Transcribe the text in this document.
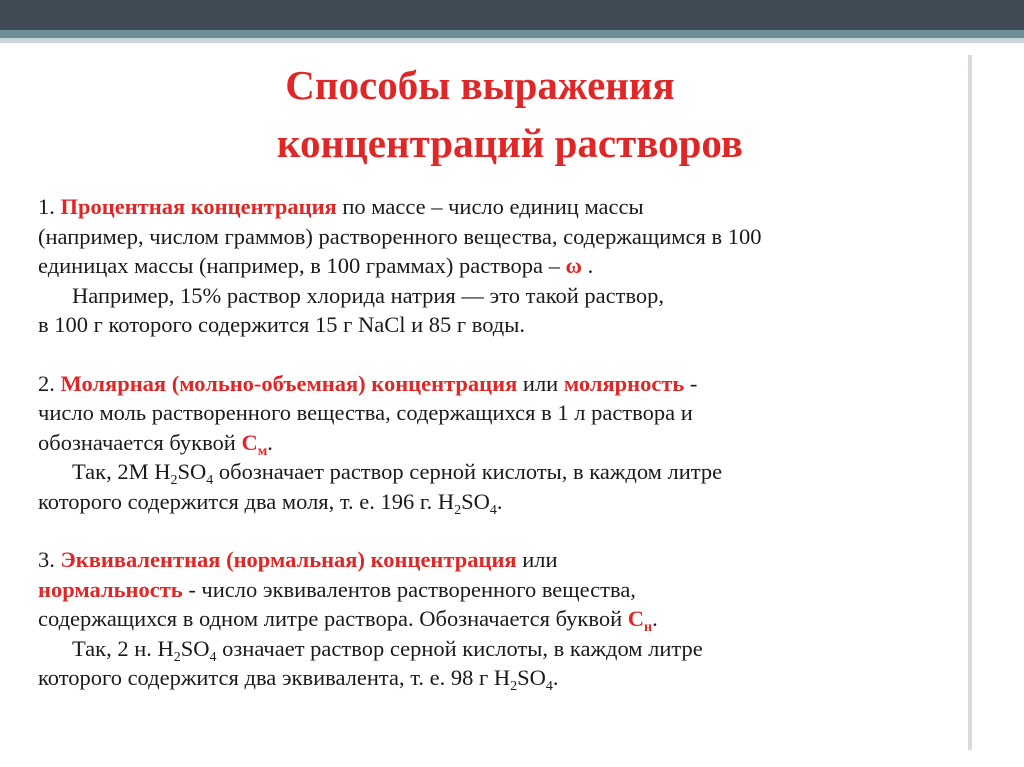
Способы выражения
концентраций растворов

1. Процентная концентрация по массе – число единиц массы
(например, числом граммов) растворенного вещества, содержащимся в 100
единицах массы (например, в 100 граммах) раствора – ω .
Например, 15% раствор хлорида натрия — это такой раствор,
в 100 г которого содержится 15 г NaCl и 85 г воды.

2. Молярная (мольно-объемная) концентрация или молярность -
число моль растворенного вещества, содержащихся в 1 л раствора и
обозначается буквой $С_м$.
Так, 2М $Н_2SO_4$ обозначает раствор серной кислоты, в каждом литре
которого содержится два моля, т. е. 196 г. $Н_2SO_4$.

3. Эквивалентная (нормальная) концентрация или
нормальность - число эквивалентов растворенного вещества,
содержащихся в одном литре раствора. Обозначается буквой $С_н$.
Так, 2 н. $Н_2SO_4$ означает раствор серной кислоты, в каждом литре
которого содержится два эквивалента, т. е. 98 г $Н_2SO_4$.
